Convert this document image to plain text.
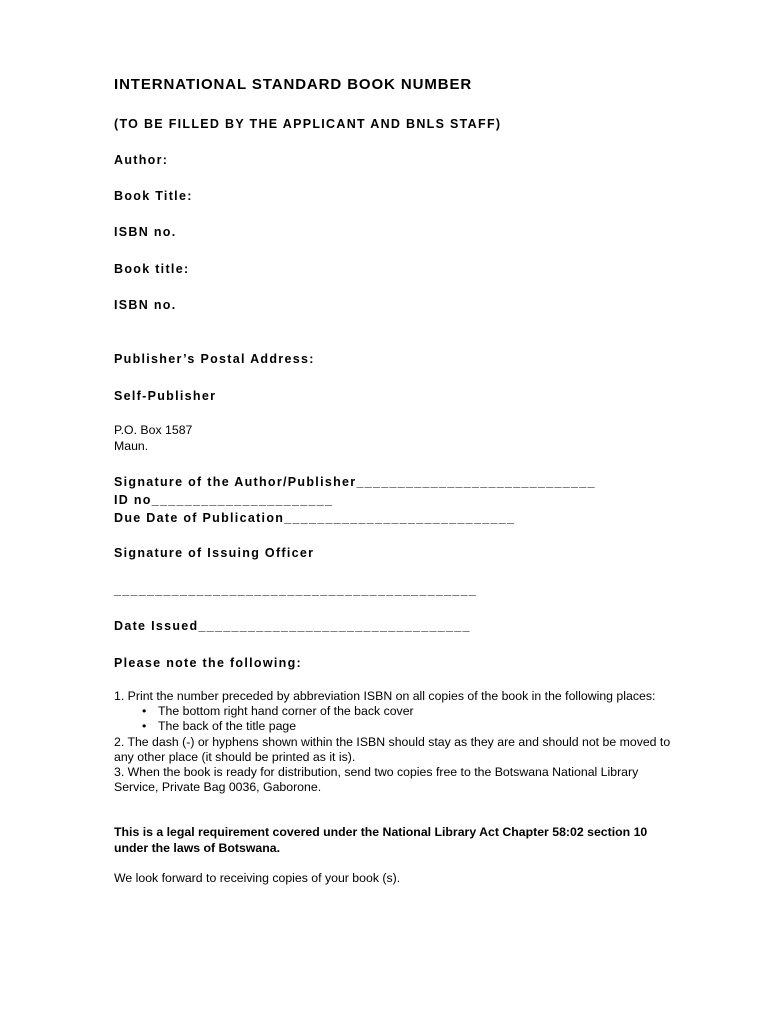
INTERNATIONAL STANDARD BOOK NUMBER
(TO BE FILLED BY THE APPLICANT AND BNLS STAFF)
Author:
Book Title:
ISBN no.
Book title:
ISBN no.
Publisher’s Postal Address:
Self-Publisher
P.O. Box 1587
Maun.
Signature of the Author/Publisher_____________________________
ID no______________________
Due Date of Publication____________________________
Signature of Issuing Officer
____________________________________________
Date Issued_________________________________
Please note the following:
1. Print the number preceded by abbreviation ISBN on all copies of the book in the following places:
• The bottom right hand corner of the back cover
• The back of the title page
2. The dash (-) or hyphens shown within the ISBN should stay as they are and should not be moved to any other place (it should be printed as it is).
3. When the book is ready for distribution, send two copies free to the Botswana National Library Service, Private Bag 0036, Gaborone.
This is a legal requirement covered under the National Library Act Chapter 58:02 section 10 under the laws of Botswana.
We look forward to receiving copies of your book (s).
